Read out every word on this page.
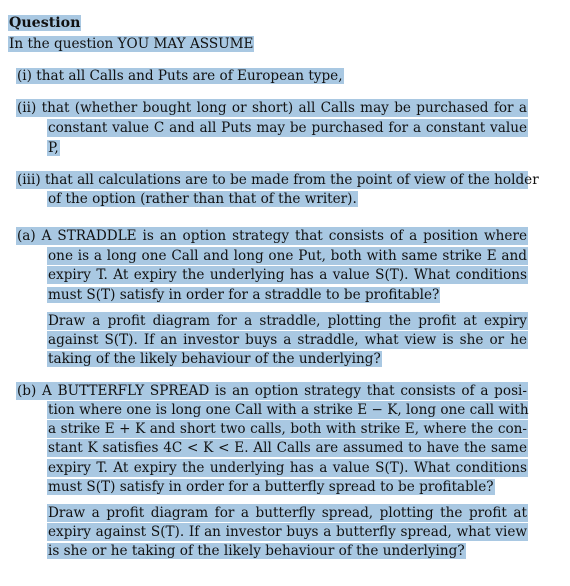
Question
In the question YOU MAY ASSUME
(i) that all Calls and Puts are of European type,
(ii) that (whether bought long or short) all Calls may be purchased for a
constant value C and all Puts may be purchased for a constant value
P,
(iii) that all calculations are to be made from the point of view of the holder
of the option (rather than that of the writer).
(a) A STRADDLE is an option strategy that consists of a position where
one is a long one Call and long one Put, both with same strike E and
expiry T. At expiry the underlying has a value S(T). What conditions
must S(T) satisfy in order for a straddle to be profitable?
Draw a profit diagram for a straddle, plotting the profit at expiry
against S(T). If an investor buys a straddle, what view is she or he
taking of the likely behaviour of the underlying?
(b) A BUTTERFLY SPREAD is an option strategy that consists of a posi-
tion where one is long one Call with a strike E − K, long one call with
a strike E + K and short two calls, both with strike E, where the con-
stant K satisfies 4C < K < E. All Calls are assumed to have the same
expiry T. At expiry the underlying has a value S(T). What conditions
must S(T) satisfy in order for a butterfly spread to be profitable?
Draw a profit diagram for a butterfly spread, plotting the profit at
expiry against S(T). If an investor buys a butterfly spread, what view
is she or he taking of the likely behaviour of the underlying?
